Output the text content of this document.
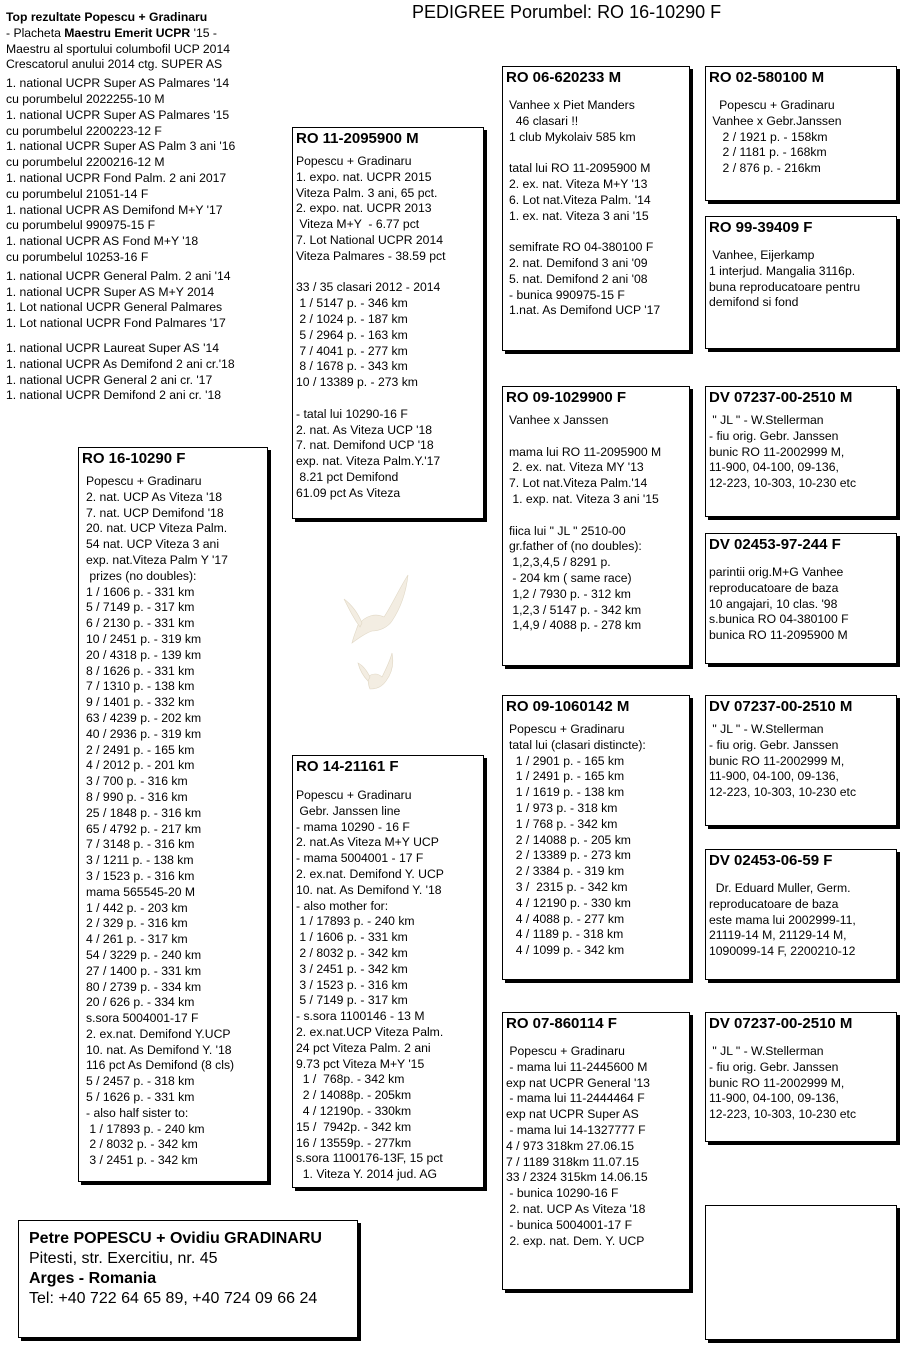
PEDIGREE Porumbel: RO 16-10290 F
Top rezultate Popescu + Gradinaru
- Placheta Maestru Emerit UCPR '15 -
Maestru al sportului columbofil UCP 2014
Crescatorul anului 2014 ctg. SUPER AS
1. national UCPR Super AS Palmares '14
cu porumbelul 2022255-10 M
1. national UCPR Super AS Palmares '15
cu porumbelul 2200223-12 F
1. national UCPR Super AS Palm 3 ani '16
cu porumbelul 2200216-12 M
1. national UCPR Fond Palm. 2 ani 2017
cu porumbelul 21051-14 F
1. national UCPR AS Demifond M+Y '17
cu porumbelul 990975-15 F
1. national UCPR AS Fond M+Y '18
cu porumbelul 10253-16 F
1. national UCPR General Palm. 2 ani '14
1. national UCPR Super AS M+Y 2014
1. Lot national UCPR General Palmares
1. Lot national UCPR Fond Palmares '17
1. national UCPR Laureat Super AS '14
1. national UCPR As Demifond 2 ani cr.'18
1. national UCPR General 2 ani cr. '17
1. national UCPR Demifond 2 ani cr. '18
RO 16-10290 F
Popescu + Gradinaru
2. nat. UCP As Viteza '18
7. nat. UCP Demifond '18
20. nat. UCP Viteza Palm.
54 nat. UCP Viteza 3 ani
exp. nat.Viteza Palm Y '17
prizes (no doubles):
1 / 1606 p. - 331 km
5 / 7149 p. - 317 km
6 / 2130 p. - 331 km
10 / 2451 p. - 319 km
20 / 4318 p. - 139 km
8 / 1626 p. - 331 km
7 / 1310 p. - 138 km
9 / 1401 p. - 332 km
63 / 4239 p. - 202 km
40 / 2936 p. - 319 km
2 / 2491 p. - 165 km
4 / 2012 p. - 201 km
3 / 700 p. - 316 km
8 / 990 p. - 316 km
25 / 1848 p. - 316 km
65 / 4792 p. - 217 km
7 / 3148 p. - 316 km
3 / 1211 p. - 138 km
3 / 1523 p. - 316 km
mama 565545-20 M
1 / 442 p. - 203 km
2 / 329 p. - 316 km
4 / 261 p. - 317 km
54 / 3229 p. - 240 km
27 / 1400 p. - 331 km
80 / 2739 p. - 334 km
20 / 626 p. - 334 km
s.sora 5004001-17 F
2. ex.nat. Demifond Y.UCP
10. nat. As Demifond Y. '18
116 pct As Demifond (8 cls)
5 / 2457 p. - 318 km
5 / 1626 p. - 331 km
- also half sister to:
1 / 17893 p. - 240 km
2 / 8032 p. - 342 km
3 / 2451 p. - 342 km
RO 11-2095900 M
Popescu + Gradinaru
1. expo. nat. UCPR 2015
Viteza Palm. 3 ani, 65 pct.
2. expo. nat. UCPR 2013
Viteza M+Y  - 6.77 pct
7. Lot National UCPR 2014
Viteza Palmares - 38.59 pct

33 / 35 clasari 2012 - 2014
1 / 5147 p. - 346 km
2 / 1024 p. - 187 km
5 / 2964 p. - 163 km
7 / 4041 p. - 277 km
8 / 1678 p. - 343 km
10 / 13389 p. - 273 km

- tatal lui 10290-16 F
2. nat. As Viteza UCP '18
7. nat. Demifond UCP '18
exp. nat. Viteza Palm.Y.'17
8.21 pct Demifond
61.09 pct As Viteza
RO 14-21161 F
Popescu + Gradinaru
Gebr. Janssen line
- mama 10290 - 16 F
2. nat.As Viteza M+Y UCP
- mama 5004001 - 17 F
2. ex.nat. Demifond Y. UCP
10. nat. As Demifond Y. '18
- also mother for:
1 / 17893 p. - 240 km
1 / 1606 p. - 331 km
2 / 8032 p. - 342 km
3 / 2451 p. - 342 km
3 / 1523 p. - 316 km
5 / 7149 p. - 317 km
- s.sora 1100146 - 13 M
2. ex.nat.UCP Viteza Palm.
24 pct Viteza Palm. 2 ani
9.73 pct Viteza M+Y '15
1 /  768p. - 342 km
2 / 14088p. - 205km
4 / 12190p. - 330km
15 /  7942p. - 342 km
16 / 13559p. - 277km
s.sora 1100176-13F, 15 pct
1. Viteza Y. 2014 jud. AG
RO 06-620233 M
Vanhee x Piet Manders
46 clasari !!
1 club Mykolaiv 585 km

tatal lui RO 11-2095900 M
2. ex. nat. Viteza M+Y '13
6. Lot nat.Viteza Palm. '14
1. ex. nat. Viteza 3 ani '15

semifrate RO 04-380100 F
2. nat. Demifond 3 ani '09
5. nat. Demifond 2 ani '08
- bunica 990975-15 F
1.nat. As Demifond UCP '17
RO 09-1029900 F
Vanhee x Janssen

mama lui RO 11-2095900 M
2. ex. nat. Viteza MY '13
7. Lot nat.Viteza Palm.'14
1. exp. nat. Viteza 3 ani '15

fiica lui " JL " 2510-00
gr.father of (no doubles):
1,2,3,4,5 / 8291 p.
- 204 km ( same race)
1,2 / 7930 p. - 312 km
1,2,3 / 5147 p. - 342 km
1,4,9 / 4088 p. - 278 km
RO 09-1060142 M
Popescu + Gradinaru
tatal lui (clasari distincte):
1 / 2901 p. - 165 km
1 / 2491 p. - 165 km
1 / 1619 p. - 138 km
1 / 973 p. - 318 km
1 / 768 p. - 342 km
2 / 14088 p. - 205 km
2 / 13389 p. - 273 km
2 / 3384 p. - 319 km
3 /  2315 p. - 342 km
4 / 12190 p. - 330 km
4 / 4088 p. - 277 km
4 / 1189 p. - 318 km
4 / 1099 p. - 342 km
RO 07-860114 F
Popescu + Gradinaru
- mama lui 11-2445600 M
exp nat UCPR General '13
- mama lui 11-2444464 F
exp nat UCPR Super AS
- mama lui 14-1327777 F
4 / 973 318km 27.06.15
7 / 1189 318km 11.07.15
33 / 2324 315km 14.06.15
- bunica 10290-16 F
2. nat. UCP As Viteza '18
- bunica 5004001-17 F
2. exp. nat. Dem. Y. UCP
RO 02-580100 M
Popescu + Gradinaru
Vanhee x Gebr.Janssen
2 / 1921 p. - 158km
2 / 1181 p. - 168km
2 / 876 p. - 216km
RO 99-39409 F
Vanhee, Eijerkamp
1 interjud. Mangalia 3116p.
buna reproducatoare pentru
demifond si fond
DV 07237-00-2510 M
" JL " - W.Stellerman
- fiu orig. Gebr. Janssen
bunic RO 11-2002999 M,
11-900, 04-100, 09-136,
12-223, 10-303, 10-230 etc
DV 02453-97-244 F
parintii orig.M+G Vanhee
reproducatoare de baza
10 angajari, 10 clas. '98
s.bunica RO 04-380100 F
bunica RO 11-2095900 M
DV 07237-00-2510 M
" JL " - W.Stellerman
- fiu orig. Gebr. Janssen
bunic RO 11-2002999 M,
11-900, 04-100, 09-136,
12-223, 10-303, 10-230 etc
DV 02453-06-59 F
Dr. Eduard Muller, Germ.
reproducatoare de baza
este mama lui 2002999-11,
21119-14 M, 21129-14 M,
1090099-14 F, 2200210-12
DV 07237-00-2510 M
" JL " - W.Stellerman
- fiu orig. Gebr. Janssen
bunic RO 11-2002999 M,
11-900, 04-100, 09-136,
12-223, 10-303, 10-230 etc
Petre POPESCU + Ovidiu GRADINARU
Pitesti, str. Exercitiu, nr. 45
Arges - Romania
Tel: +40 722 64 65 89, +40 724 09 66 24
